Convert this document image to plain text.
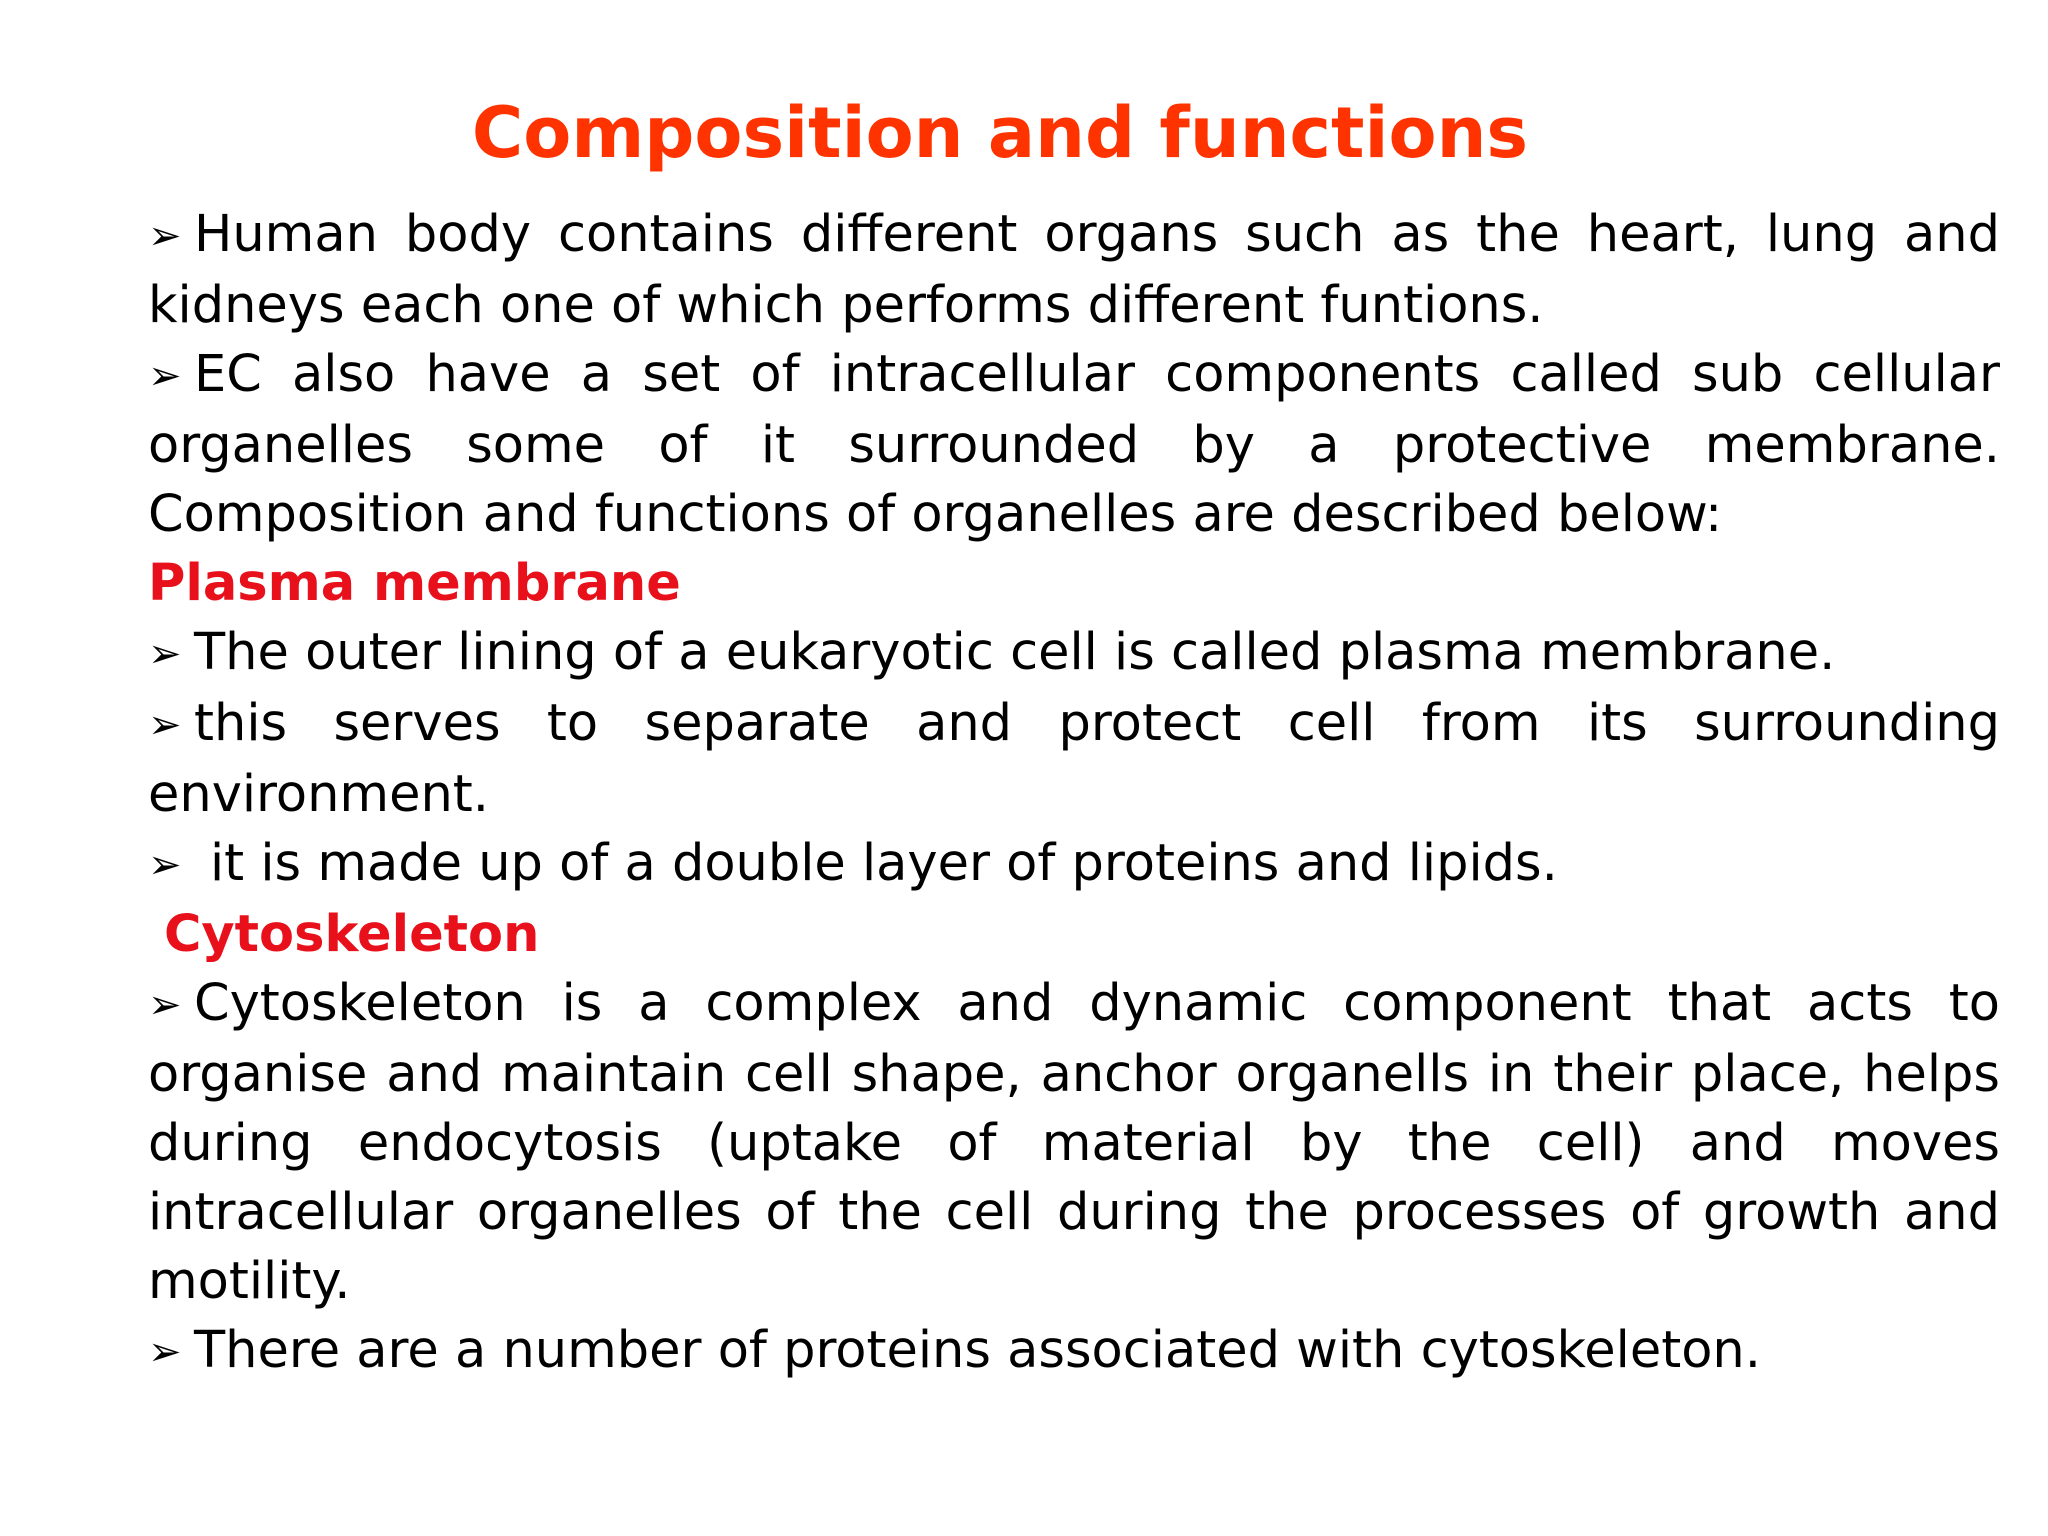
Composition and functions

➢ Human body contains different organs such as the heart, lung and kidneys each one of which performs different funtions.

➢ EC also have a set of intracellular components called sub cellular organelles some of it surrounded by a protective membrane. Composition and functions of organelles are described below:

Plasma membrane

➢ The outer lining of a eukaryotic cell is called plasma membrane.

➢ this serves to separate and protect cell from its surrounding environment.

➢ it is made up of a double layer of proteins and lipids.

Cytoskeleton

➢ Cytoskeleton is a complex and dynamic component that acts to organise and maintain cell shape, anchor organells in their place, helps during endocytosis (uptake of material by the cell) and moves intracellular organelles of the cell during the processes of growth and motility.

➢ There are a number of proteins associated with cytoskeleton.
